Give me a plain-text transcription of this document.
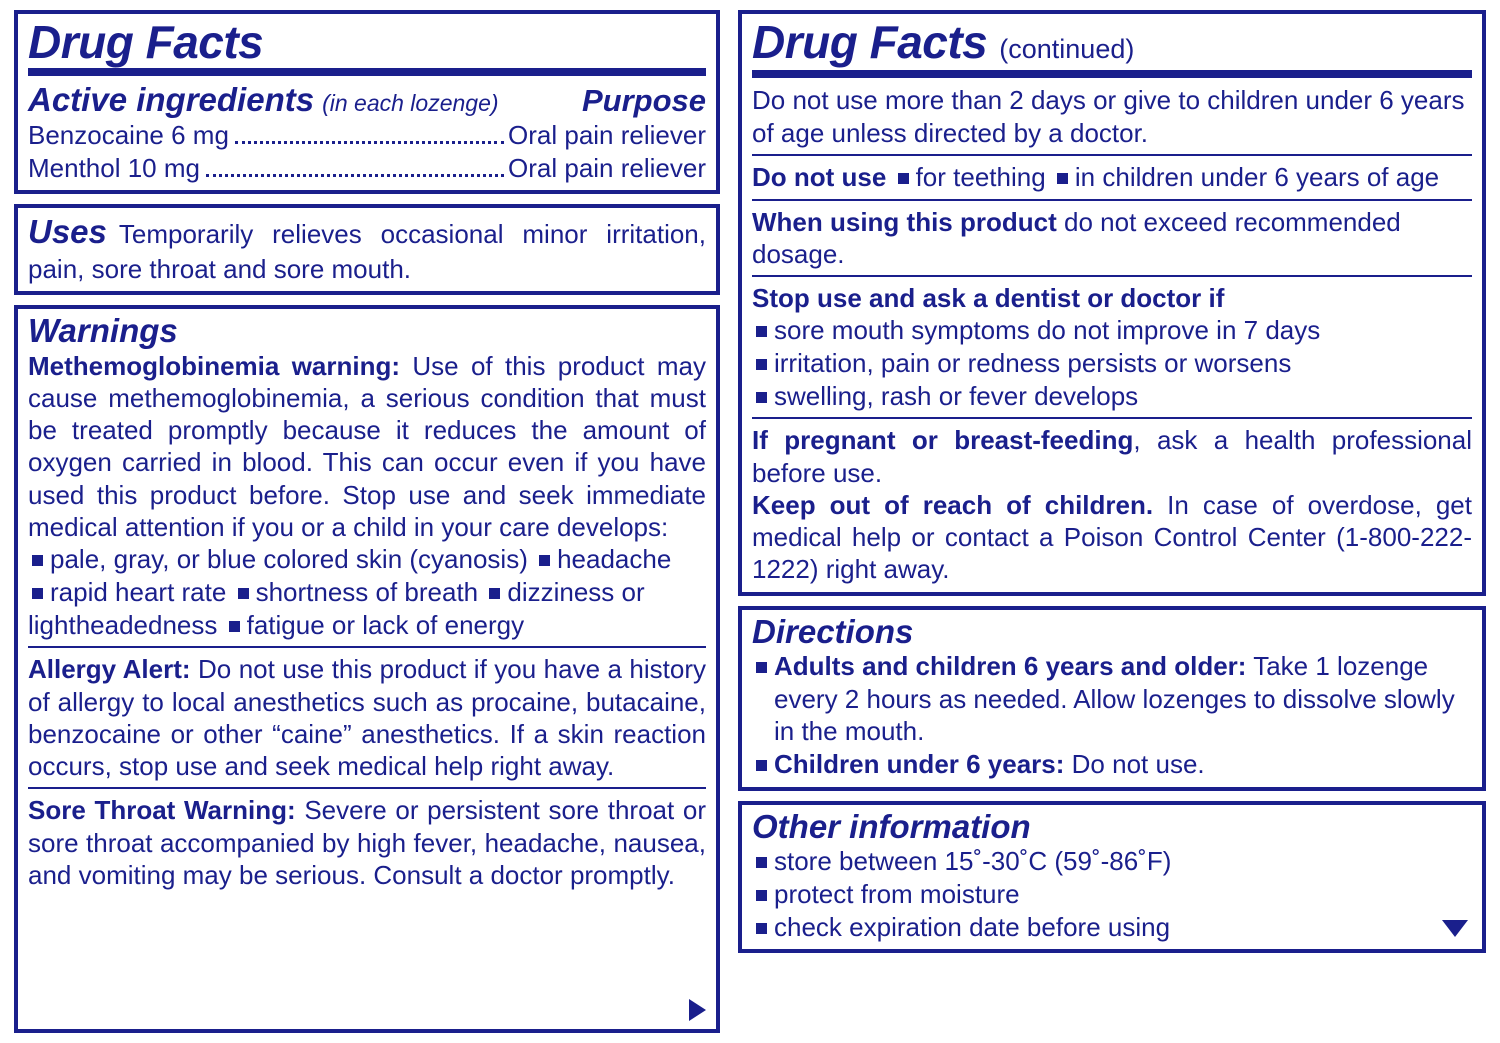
Drug Facts
Active ingredients (in each lozenge)	Purpose
Benzocaine 6 mg	Oral pain reliever
Menthol 10 mg	Oral pain reliever
Uses Temporarily relieves occasional minor irritation, pain, sore throat and sore mouth.
Warnings

Methemoglobinemia warning: Use of this product may cause methemoglobinemia, a serious condition that must be treated promptly because it reduces the amount of oxygen carried in blood. This can occur even if you have used this product before. Stop use and seek immediate medical attention if you or a child in your care develops:

pale, gray, or blue colored skin (cyanosis) headache
rapid heart rate shortness of breath dizziness or lightheadedness fatigue or lack of energy

Allergy Alert: Do not use this product if you have a history of allergy to local anesthetics such as procaine, butacaine, benzocaine or other “caine” anesthetics. If a skin reaction occurs, stop use and seek medical help right away.

Sore Throat Warning: Severe or persistent sore throat or sore throat accompanied by high fever, headache, nausea, and vomiting may be serious. Consult a doctor promptly.

Drug Facts (continued)

Do not use more than 2 days or give to children under 6 years of age unless directed by a doctor.

Do not use for teething in children under 6 years of age

When using this product do not exceed recommended dosage.

Stop use and ask a dentist or doctor if
sore mouth symptoms do not improve in 7 days
irritation, pain or redness persists or worsens
swelling, rash or fever develops

If pregnant or breast-feeding, ask a health professional before use.

Keep out of reach of children. In case of overdose, get medical help or contact a Poison Control Center (1-800-222-1222) right away.

Directions
Adults and children 6 years and older: Take 1 lozenge every 2 hours as needed. Allow lozenges to dissolve slowly in the mouth.
Children under 6 years: Do not use.
Other information
store between 15˚-30˚C (59˚-86˚F)
protect from moisture
check expiration date before using
